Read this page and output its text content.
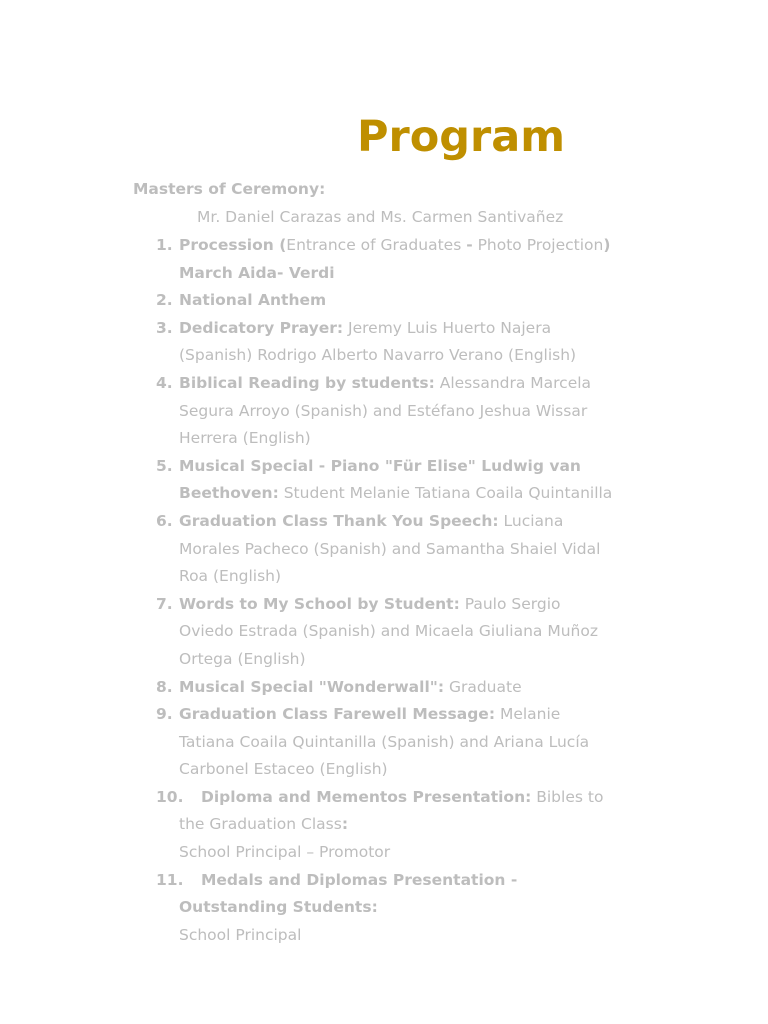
Program
Masters of Ceremony:
Mr. Daniel Carazas and Ms. Carmen Santivañez
1. Procession (Entrance of Graduates - Photo Projection)
March Aida- Verdi
2. National Anthem
3. Dedicatory Prayer: Jeremy Luis Huerto Najera
(Spanish) Rodrigo Alberto Navarro Verano (English)
4. Biblical Reading by students: Alessandra Marcela
Segura Arroyo (Spanish) and Estéfano Jeshua Wissar
Herrera (English)
5. Musical Special - Piano "Für Elise" Ludwig van
Beethoven: Student Melanie Tatiana Coaila Quintanilla
6. Graduation Class Thank You Speech: Luciana
Morales Pacheco (Spanish) and Samantha Shaiel Vidal
Roa (English)
7. Words to My School by Student: Paulo Sergio
Oviedo Estrada (Spanish) and Micaela Giuliana Muñoz
Ortega (English)
8. Musical Special "Wonderwall": Graduate
9. Graduation Class Farewell Message: Melanie
Tatiana Coaila Quintanilla (Spanish) and Ariana Lucía
Carbonel Estaceo (English)
10. Diploma and Mementos Presentation: Bibles to
the Graduation Class:
School Principal – Promotor
11. Medals and Diplomas Presentation -
Outstanding Students:
School Principal
